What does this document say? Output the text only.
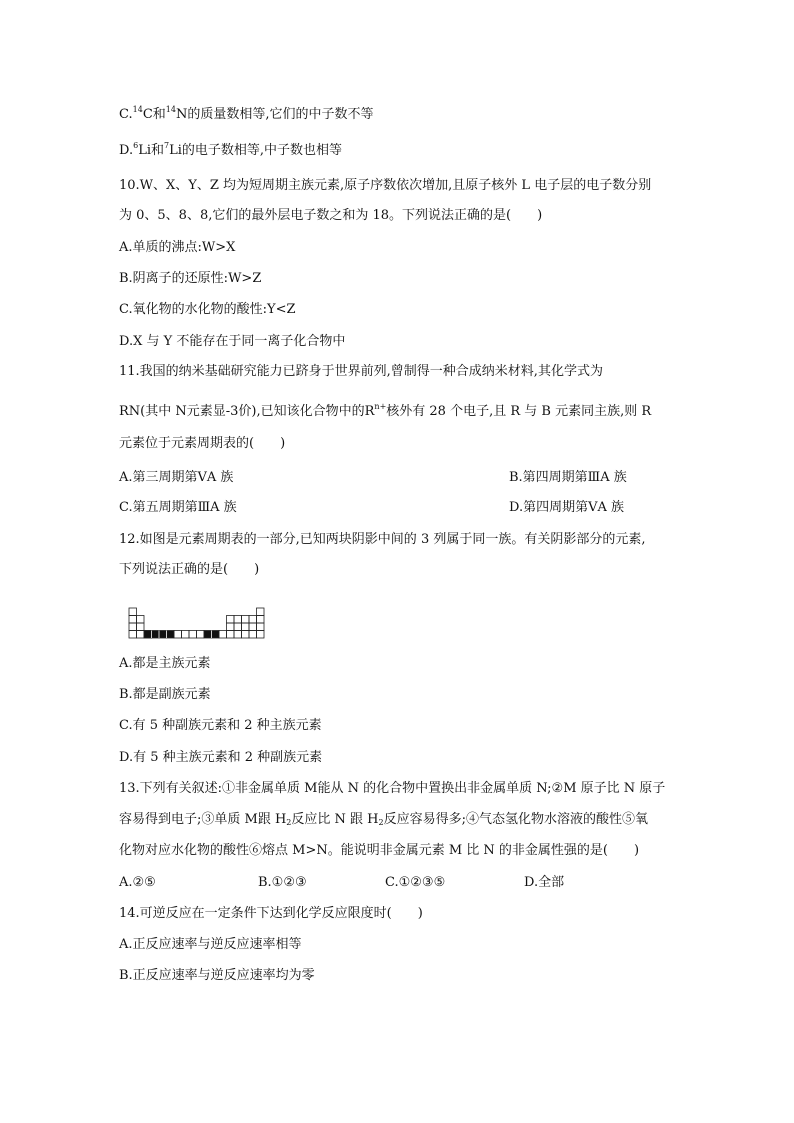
C.$^{14}$C和$^{14}$N的质量数相等,它们的中子数不等
D.$^6$Li和$^7$Li的电子数相等,中子数也相等
10.W、X、Y、Z 均为短周期主族元素,原子序数依次增加,且原子核外 L 电子层的电子数分别
为 0、5、8、8,它们的最外层电子数之和为 18。下列说法正确的是(　　)
A.单质的沸点:W>X
B.阴离子的还原性:W>Z
C.氧化物的水化物的酸性:Y<Z
D.X 与 Y 不能存在于同一离子化合物中
11.我国的纳米基础研究能力已跻身于世界前列,曾制得一种合成纳米材料,其化学式为
RN(其中 N元素显-3价),已知该化合物中的$R^{n+}$核外有 28 个电子,且 R 与 B 元素同主族,则 R
元素位于元素周期表的(　　)
A.第三周期第ⅤA 族	B.第四周期第ⅢA 族
C.第五周期第ⅢA 族	D.第四周期第ⅤA 族
12.如图是元素周期表的一部分,已知两块阴影中间的 3 列属于同一族。有关阴影部分的元素,
下列说法正确的是(　　)
A.都是主族元素
B.都是副族元素
C.有 5 种副族元素和 2 种主族元素
D.有 5 种主族元素和 2 种副族元素
13.下列有关叙述:①非金属单质 M能从 N 的化合物中置换出非金属单质 N;②M 原子比 N 原子
容易得到电子;③单质 M跟 $H_2$反应比 N 跟 $H_2$反应容易得多;④气态氢化物水溶液的酸性⑤氧
化物对应水化物的酸性⑥熔点 M>N。能说明非金属元素 M 比 N 的非金属性强的是(　　)
A.②⑤	B.①②③	C.①②③⑤	D.全部
14.可逆反应在一定条件下达到化学反应限度时(　　)
A.正反应速率与逆反应速率相等
B.正反应速率与逆反应速率均为零
